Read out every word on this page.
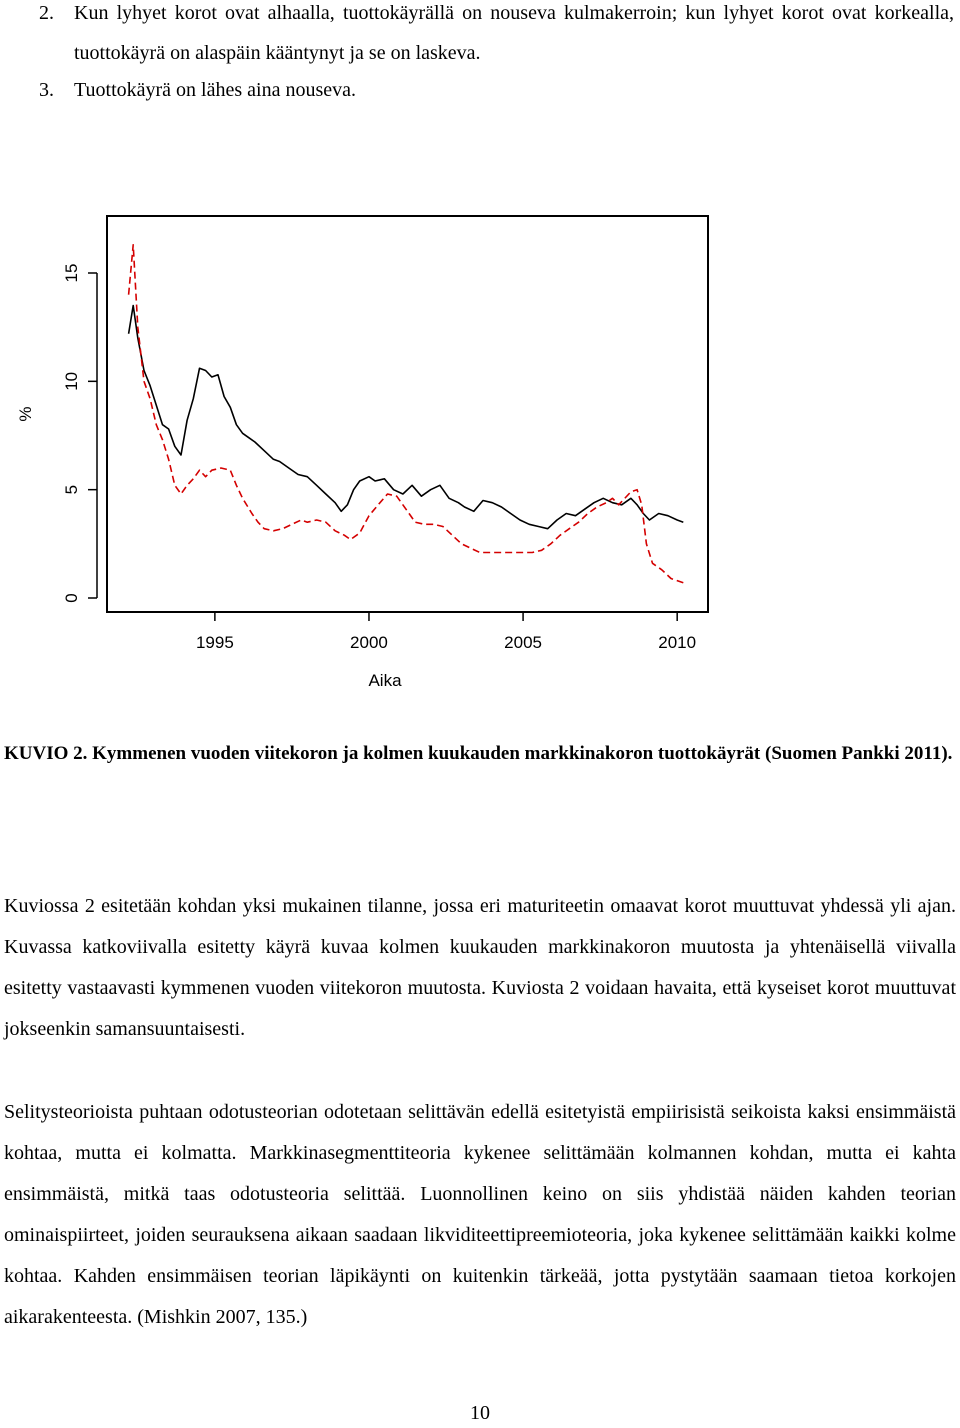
2. Kun lyhyet korot ovat alhaalla, tuottokäyrällä on nouseva kulmakerroin; kun lyhyet korot ovat korkealla, tuottokäyrä on alaspäin kääntynyt ja se on laskeva.
3. Tuottokäyrä on lähes aina nouseva.
0
5
10
15
1995	2000	2005	2010
Aika
%
KUVIO 2. Kymmenen vuoden viitekoron ja kolmen kuukauden markkinakoron tuottokäyrät (Suomen Pankki 2011).

Kuviossa 2 esitetään kohdan yksi mukainen tilanne, jossa eri maturiteetin omaavat korot muuttuvat yhdessä yli ajan. Kuvassa katkoviivalla esitetty käyrä kuvaa kolmen kuukauden markkinakoron muutosta ja yhtenäisellä viivalla esitetty vastaavasti kymmenen vuoden viitekoron muutosta. Kuviosta 2 voidaan havaita, että kyseiset korot muuttuvat jokseenkin samansuuntaisesti.

Selitysteorioista puhtaan odotusteorian odotetaan selittävän edellä esitetyistä empiirisistä seikoista kaksi ensimmäistä kohtaa, mutta ei kolmatta. Markkinasegmenttiteoria kykenee selittämään kolmannen kohdan, mutta ei kahta ensimmäistä, mitkä taas odotusteoria selittää. Luonnollinen keino on siis yhdistää näiden kahden teorian ominaispiirteet, joiden seurauksena aikaan saadaan likviditeettipreemioteoria, joka kykenee selittämään kaikki kolme kohtaa. Kahden ensimmäisen teorian läpikäynti on kuitenkin tärkeää, jotta pystytään saamaan tietoa korkojen aikarakenteesta. (Mishkin 2007, 135.)

10
